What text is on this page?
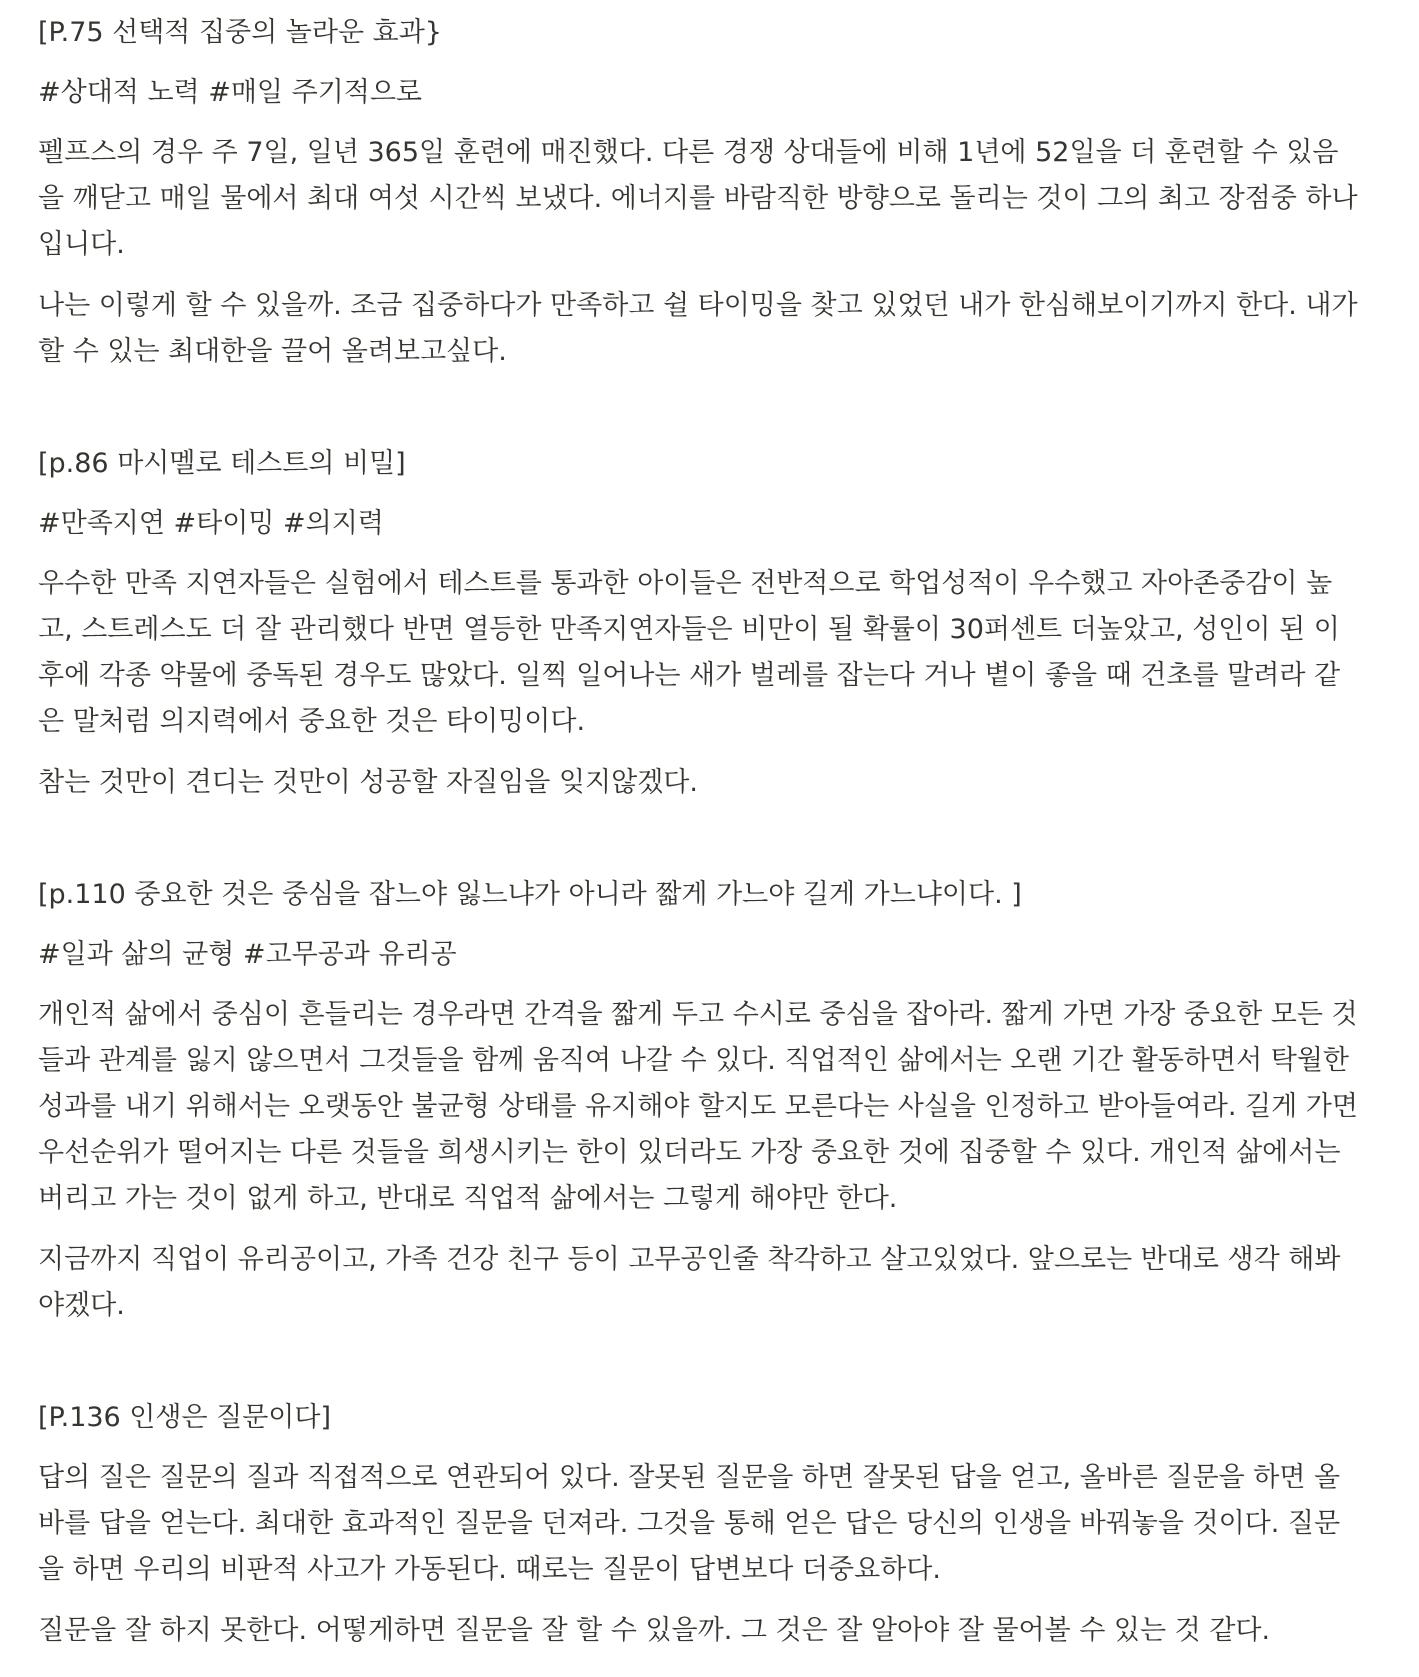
[P.75 선택적 집중의 놀라운 효과}

#상대적 노력 #매일 주기적으로

펠프스의 경우 주 7일, 일년 365일 훈련에 매진했다. 다른 경쟁 상대들에 비해 1년에 52일을 더 훈련할 수 있음을 깨닫고 매일 물에서 최대 여섯 시간씩 보냈다. 에너지를 바람직한 방향으로 돌리는 것이 그의 최고 장점중 하나입니다.

나는 이렇게 할 수 있을까. 조금 집중하다가 만족하고 쉴 타이밍을 찾고 있었던 내가 한심해보이기까지 한다. 내가 할 수 있는 최대한을 끌어 올려보고싶다.

[p.86 마시멜로 테스트의 비밀]

#만족지연 #타이밍 #의지력

우수한 만족 지연자들은 실험에서 테스트를 통과한 아이들은 전반적으로 학업성적이 우수했고 자아존중감이 높고, 스트레스도 더 잘 관리했다 반면 열등한 만족지연자들은 비만이 될 확률이 30퍼센트 더높았고, 성인이 된 이후에 각종 약물에 중독된 경우도 많았다. 일찍 일어나는 새가 벌레를 잡는다 거나 볕이 좋을 때 건초를 말려라 같은 말처럼 의지력에서 중요한 것은 타이밍이다.

참는 것만이 견디는 것만이 성공할 자질임을 잊지않겠다.

[p.110 중요한 것은 중심을 잡느야 잃느냐가 아니라 짧게 가느야 길게 가느냐이다. ]

#일과 삶의 균형 #고무공과 유리공

개인적 삶에서 중심이 흔들리는 경우라면 간격을 짧게 두고 수시로 중심을 잡아라. 짧게 가면 가장 중요한 모든 것들과 관계를 잃지 않으면서 그것들을 함께 움직여 나갈 수 있다. 직업적인 삶에서는 오랜 기간 활동하면서 탁월한 성과를 내기 위해서는 오랫동안 불균형 상태를 유지해야 할지도 모른다는 사실을 인정하고 받아들여라. 길게 가면 우선순위가 떨어지는 다른 것들을 희생시키는 한이 있더라도 가장 중요한 것에 집중할 수 있다. 개인적 삶에서는 버리고 가는 것이 없게 하고, 반대로 직업적 삶에서는 그렇게 해야만 한다.

지금까지 직업이 유리공이고, 가족 건강 친구 등이 고무공인줄 착각하고 살고있었다. 앞으로는 반대로 생각 해봐야겠다.

[P.136 인생은 질문이다]

답의 질은 질문의 질과 직접적으로 연관되어 있다. 잘못된 질문을 하면 잘못된 답을 얻고, 올바른 질문을 하면 올바를 답을 얻는다. 최대한 효과적인 질문을 던져라. 그것을 통해 얻은 답은 당신의 인생을 바꿔놓을 것이다. 질문을 하면 우리의 비판적 사고가 가동된다. 때로는 질문이 답변보다 더중요하다.

질문을 잘 하지 못한다. 어떻게하면 질문을 잘 할 수 있을까. 그 것은 잘 알아야 잘 물어볼 수 있는 것 같다.
